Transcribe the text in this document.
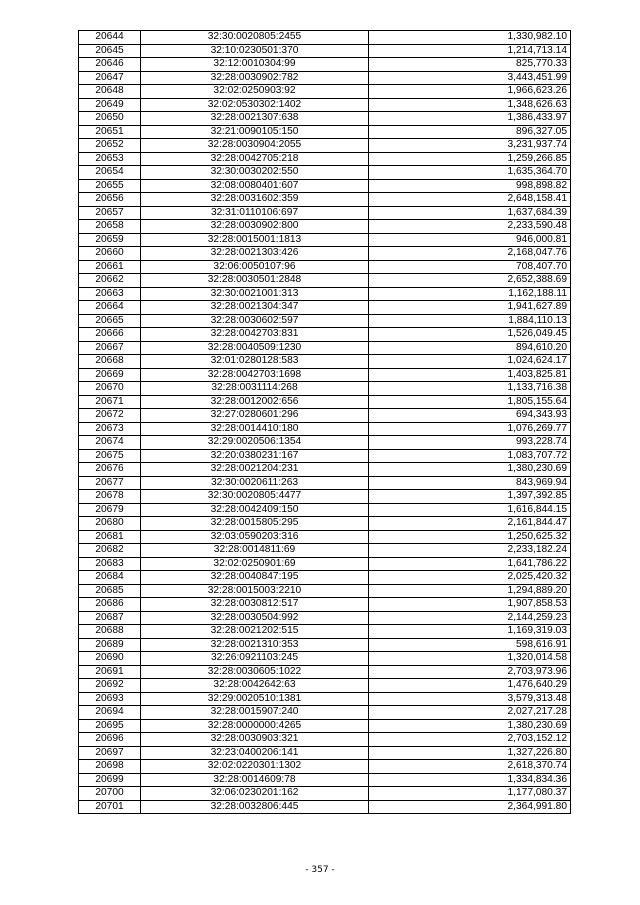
20644	32:30:0020805:2455	1,330,982.10
20645	32:10:0230501:370	1,214,713.14
20646	32:12:0010304:99	825,770.33
20647	32:28:0030902:782	3,443,451.99
20648	32:02:0250903:92	1,966,623.26
20649	32:02:0530302:1402	1,348,626.63
20650	32:28:0021307:638	1,386,433.97
20651	32:21:0090105:150	896,327.05
20652	32:28:0030904:2055	3,231,937.74
20653	32:28:0042705:218	1,259,266.85
20654	32:30:0030202:550	1,635,364.70
20655	32:08:0080401:607	998,898.82
20656	32:28:0031602:359	2,648,158.41
20657	32:31:0110106:697	1,637,684.39
20658	32:28:0030902:800	2,233,590.48
20659	32:28:0015001:1813	946,000.81
20660	32:28:0021303:426	2,168,047.76
20661	32:06:0050107:96	708,407.70
20662	32:28:0030501:2848	2,652,388.69
20663	32:30:0021001:313	1,162,188.11
20664	32:28:0021304:347	1,941,627.89
20665	32:28:0030602:597	1,884,110.13
20666	32:28:0042703:831	1,526,049.45
20667	32:28:0040509:1230	894,610.20
20668	32:01:0280128:583	1,024,624.17
20669	32:28:0042703:1698	1,403,825.81
20670	32:28:0031114:268	1,133,716.38
20671	32:28:0012002:656	1,805,155.64
20672	32:27:0280601:296	694,343.93
20673	32:28:0014410:180	1,076,269.77
20674	32:29:0020506:1354	993,228.74
20675	32:20:0380231:167	1,083,707.72
20676	32:28:0021204:231	1,380,230.69
20677	32:30:0020611:263	843,969.94
20678	32:30:0020805:4477	1,397,392.85
20679	32:28:0042409:150	1,616,844.15
20680	32:28:0015805:295	2,161,844.47
20681	32:03:0590203:316	1,250,625.32
20682	32:28:0014811:69	2,233,182.24
20683	32:02:0250901:69	1,641,786.22
20684	32:28:0040847:195	2,025,420.32
20685	32:28:0015003:2210	1,294,889.20
20686	32:28:0030812:517	1,907,858.53
20687	32:28:0030504:992	2,144,259.23
20688	32:28:0021202:515	1,169,319.03
20689	32:28:0021310:353	598,616.91
20690	32:26:0921103:245	1,320,014.58
20691	32:28:0030605:1022	2,703,973.96
20692	32:28:0042642:63	1,476,640.29
20693	32:29:0020510:1381	3,579,313.48
20694	32:28:0015907:240	2,027,217.28
20695	32:28:0000000:4265	1,380,230.69
20696	32:28:0030903:321	2,703,152.12
20697	32:23:0400206:141	1,327,226.80
20698	32:02:0220301:1302	2,618,370.74
20699	32:28:0014609:78	1,334,834.36
20700	32:06:0230201:162	1,177,080.37
20701	32:28:0032806:445	2,364,991.80
- 357 -
